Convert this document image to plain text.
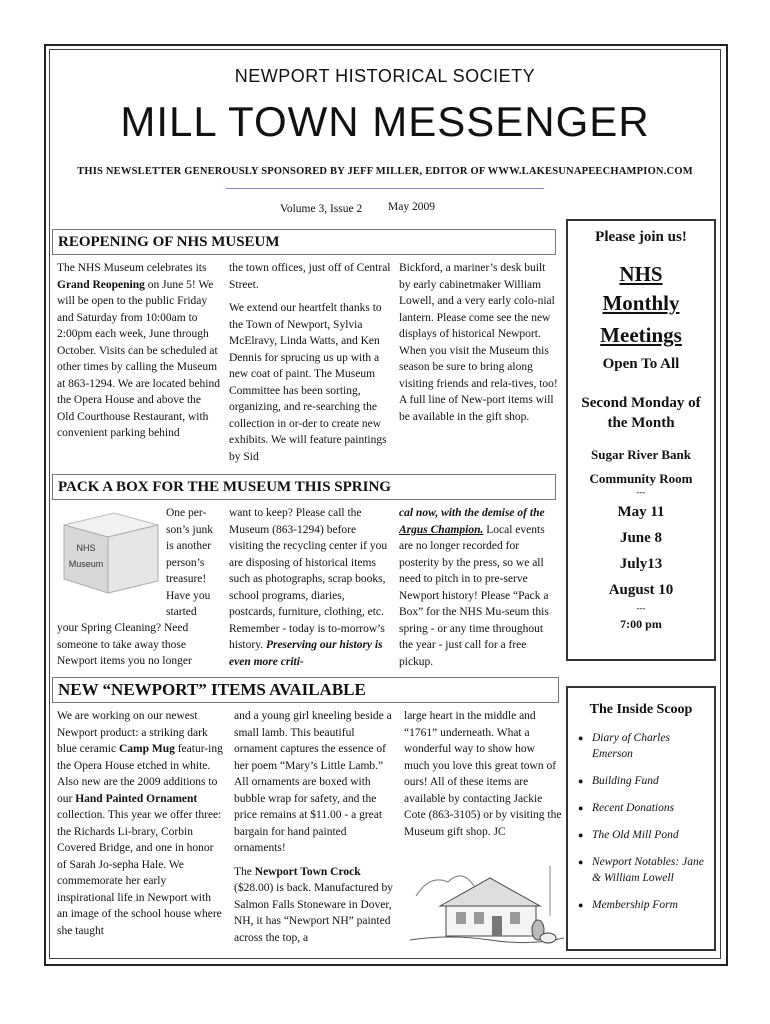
NEWPORT HISTORICAL SOCIETY
MILL TOWN MESSENGER
THIS NEWSLETTER GENEROUSLY SPONSORED BY JEFF MILLER, EDITOR OF WWW.LAKESUNAPEECHAMPION.COM
Volume 3, Issue 2 May 2009
REOPENING OF NHS MUSEUM

The NHS Museum celebrates its Grand Reopening on June 5! We will be open to the public Friday and Saturday from 10:00am to 2:00pm each week, June through October. Visits can be scheduled at other times by calling the Museum at 863-1294. We are located behind the Opera House and above the Old Courthouse Restaurant, with convenient parking behind

the town offices, just off of Central Street.

We extend our heartfelt thanks to the Town of Newport, Sylvia McElravy, Linda Watts, and Ken Dennis for sprucing us up with a new coat of paint. The Museum Committee has been sorting, organizing, and re-searching the collection in or-der to create new exhibits. We will feature paintings by Sid

Bickford, a mariner’s desk built by early cabinetmaker William Lowell, and a very early colo-nial lantern. Please come see the new displays of historical Newport.

When you visit the Museum this season be sure to bring along visiting friends and rela-tives, too! A full line of New-port items will be available in the gift shop.

PACK A BOX FOR THE MUSEUM THIS SPRING
NHS
Museum

One per-son’s junk is another person’s treasure! Have you started

your Spring Cleaning? Need someone to take away those Newport items you no longer

want to keep? Please call the Museum (863-1294) before visiting the recycling center if you are disposing of historical items such as photographs, scrap books, school programs, diaries, postcards, furniture, clothing, etc. Remember - today is to-morrow’s history. Preserving our history is even more criti-

cal now, with the demise of the Argus Champion. Local events are no longer recorded for posterity by the press, so we all need to pitch in to pre-serve Newport history! Please “Pack a Box” for the NHS Mu-seum this spring - or any time throughout the year - just call for a free pickup.

NEW “NEWPORT” ITEMS AVAILABLE

We are working on our newest Newport product: a striking dark blue ceramic Camp Mug featur-ing the Opera House etched in white. Also new are the 2009 additions to our Hand Painted Ornament collection. This year we offer three: the Richards Li-brary, Corbin Covered Bridge, and one in honor of Sarah Jo-sepha Hale. We commemorate her early inspirational life in Newport with an image of the school house where she taught

and a young girl kneeling beside a small lamb. This beautiful ornament captures the essence of her poem “Mary’s Little Lamb.” All ornaments are boxed with bubble wrap for safety, and the price remains at $11.00 - a great bargain for hand painted ornaments!

The Newport Town Crock ($28.00) is back. Manufactured by Salmon Falls Stoneware in Dover, NH, it has “Newport NH” painted across the top, a

large heart in the middle and “1761” underneath. What a wonderful way to show how much you love this great town of ours! All of these items are available by contacting Jackie Cote (863-3105) or by visiting the Museum gift shop. JC

Please join us!
NHS
Monthly
Meetings
Open To All
Second Monday of the Month
Sugar River Bank
Community Room
---
May 11
June 8
July13
August 10
---
7:00 pm
The Inside Scoop
● Diary of Charles Emerson
● Building Fund
● Recent Donations
● The Old Mill Pond
● Newport Notables: Jane & William Lowell
● Membership Form
